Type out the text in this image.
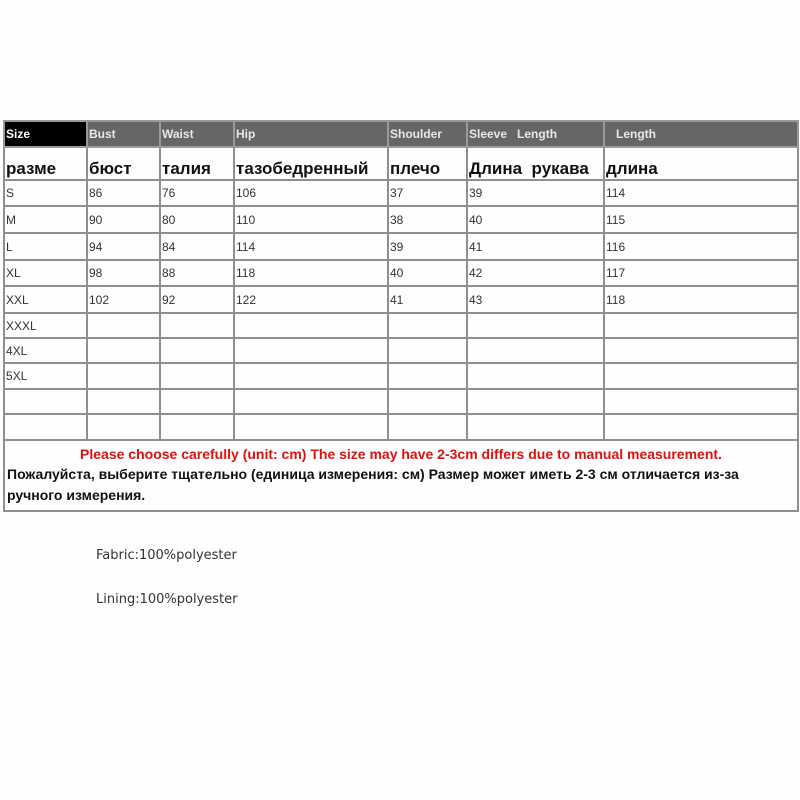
Size	Bust	Waist	Hip	Shoulder	Sleeve   Length	Length
разме	бюст	талия	тазобедренный	плечо	Длина  рукава	длина
S	86	76	106	37	39	114
M	90	80	110	38	40	115
L	94	84	114	39	41	116
XL	98	88	118	40	42	117
XXL	102	92	122	41	43	118
XXXL						
4XL						
5XL						

Please choose carefully (unit: cm) The size may have 2-3cm differs due to manual measurement.
Пожалуйста, выберите тщательно (единица измерения: см) Размер может иметь 2-3 см отличается из-за ручного измерения.						
Fabric:100%polyester
Lining:100%polyester
